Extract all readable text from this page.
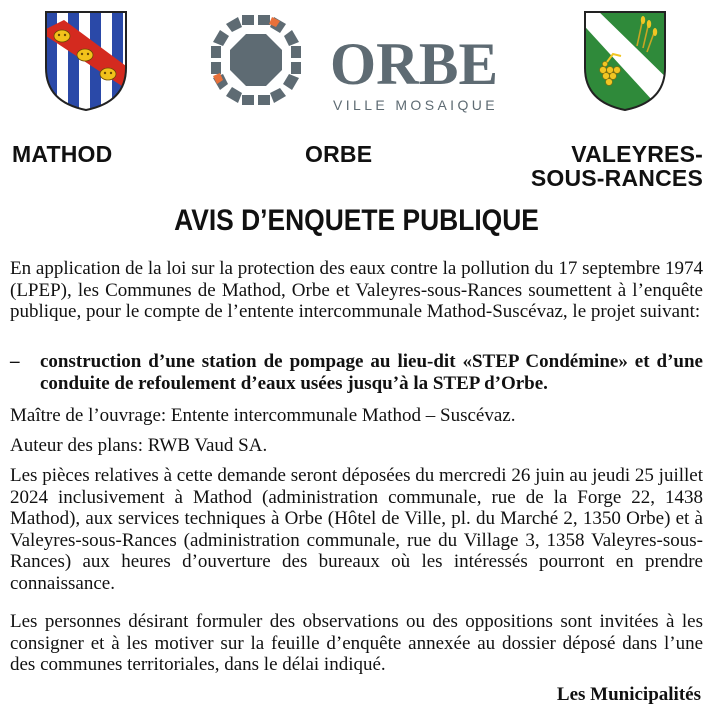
ORBE
VILLE MOSAIQUE
MATHOD	ORBE	VALEYRES-
SOUS-RANCES
AVIS D’ENQUETE PUBLIQUE
En application de la loi sur la protection des eaux contre la pollution du 17 septembre 1974 (LPEP), les Communes de Mathod, Orbe et Valeyres-sous-Rances soumettent à l’enquête publique, pour le compte de l’entente intercommunale Mathod-Suscévaz, le projet suivant:
–	construction d’une station de pompage au lieu-dit «STEP Condémine» et d’une conduite de refoulement d’eaux usées jusqu’à la STEP d’Orbe.
Maître de l’ouvrage: Entente intercommunale Mathod – Suscévaz.
Auteur des plans: RWB Vaud SA.
Les pièces relatives à cette demande seront déposées du mercredi 26 juin au jeudi 25 juillet 2024 inclusivement à Mathod (administration communale, rue de la Forge 22, 1438 Mathod), aux services techniques à Orbe (Hôtel de Ville, pl. du Marché 2, 1350 Orbe) et à Valeyres-sous-Rances (administration communale, rue du Village 3, 1358 Valeyres-sous-Rances) aux heures d’ouverture des bureaux où les intéressés pourront en prendre connaissance.
Les personnes désirant formuler des observations ou des oppositions sont invitées à les consigner et à les motiver sur la feuille d’enquête annexée au dossier déposé dans l’une des communes territoriales, dans le délai indiqué.
Les Municipalités
